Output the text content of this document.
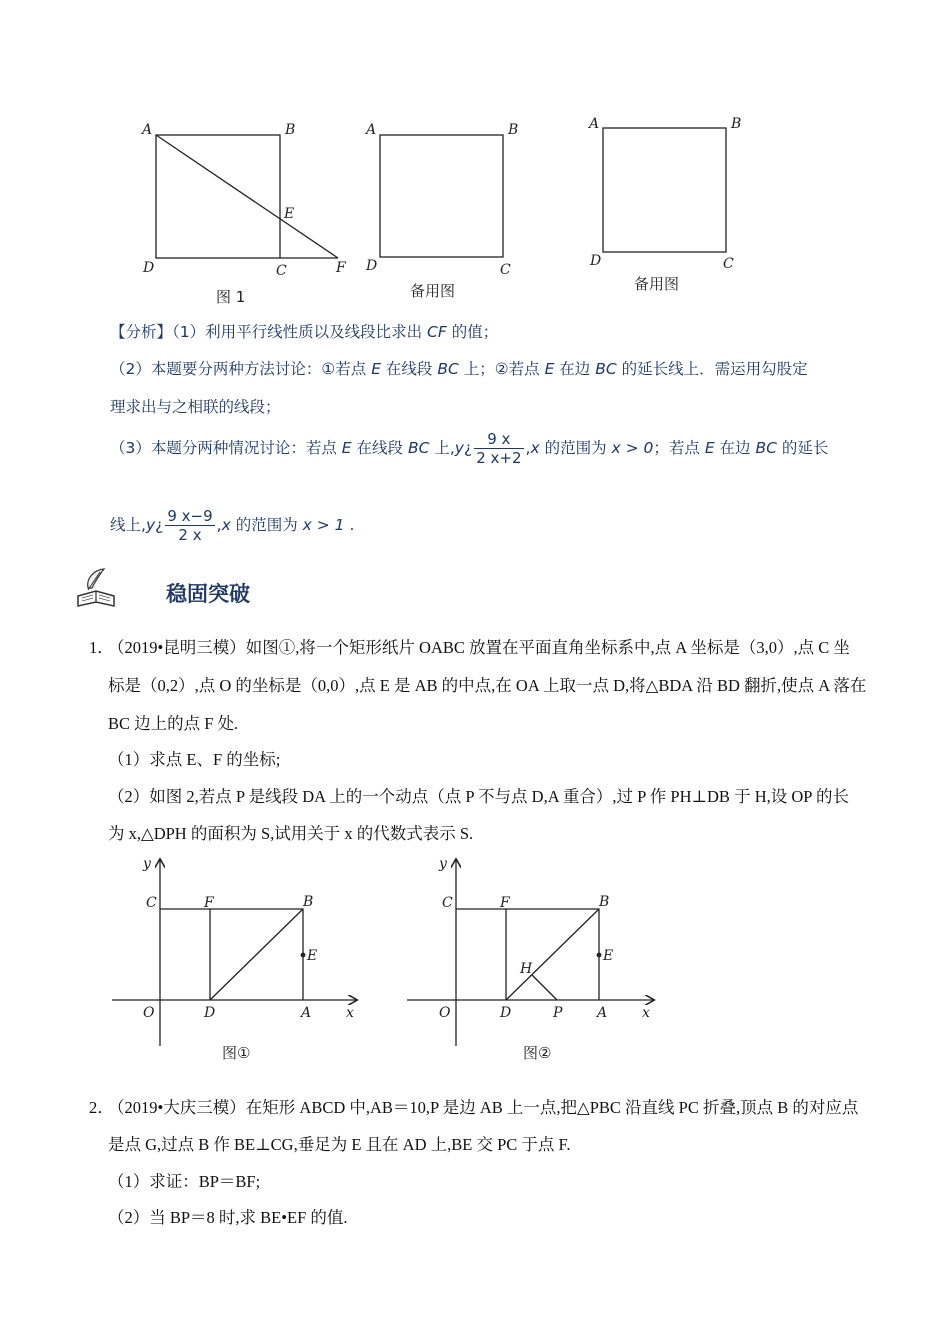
A	B
E
D	C	F
A	B
D	C
A	B
D	C
图 1	备用图	备用图
【分析】（1）利用平行线性质以及线段比求出 CF 的值；
（2）本题要分两种方法讨论：①若点 E 在线段 BC 上；②若点 E 在边 BC 的延长线上．需运用勾股定
理求出与之相联的线段；
（3）本题分两种情况讨论：若点 E 在线段 BC 上,y¿ $\frac{9 x}{2 x+2} ,x$ 的范围为 x > 0；若点 E 在边 BC 的延长
线上,y¿ $\frac{9 x-9}{2 x} ,x$ 的范围为 x > 1 .
稳固突破
1．
（2019•昆明三模）如图①,将一个矩形纸片 OABC 放置在平面直角坐标系中,点 A 坐标是（3,0）,点 C 坐
标是（0,2）,点 O 的坐标是（0,0）,点 E 是 AB 的中点,在 OA 上取一点 D,将△BDA 沿 BD 翻折,使点 A 落在
BC 边上的点 F 处.
（1）求点 E、F 的坐标;
（2）如图 2,若点 P 是线段 DA 上的一个动点（点 P 不与点 D,A 重合）,过 P 作 PH⊥DB 于 H,设 OP 的长
为 x,△DPH 的面积为 S,试用关于 x 的代数式表示 S.
y
C	F	B
E
O	D	A x
y
C	F	B
E
H
O	D	P A x
图①	图②
2．
（2019•大庆三模）在矩形 ABCD 中,AB＝10,P 是边 AB 上一点,把△PBC 沿直线 PC 折叠,顶点 B 的对应点
是点 G,过点 B 作 BE⊥CG,垂足为 E 且在 AD 上,BE 交 PC 于点 F.
（1）求证：BP＝BF;
（2）当 BP＝8 时,求 BE•EF 的值.
